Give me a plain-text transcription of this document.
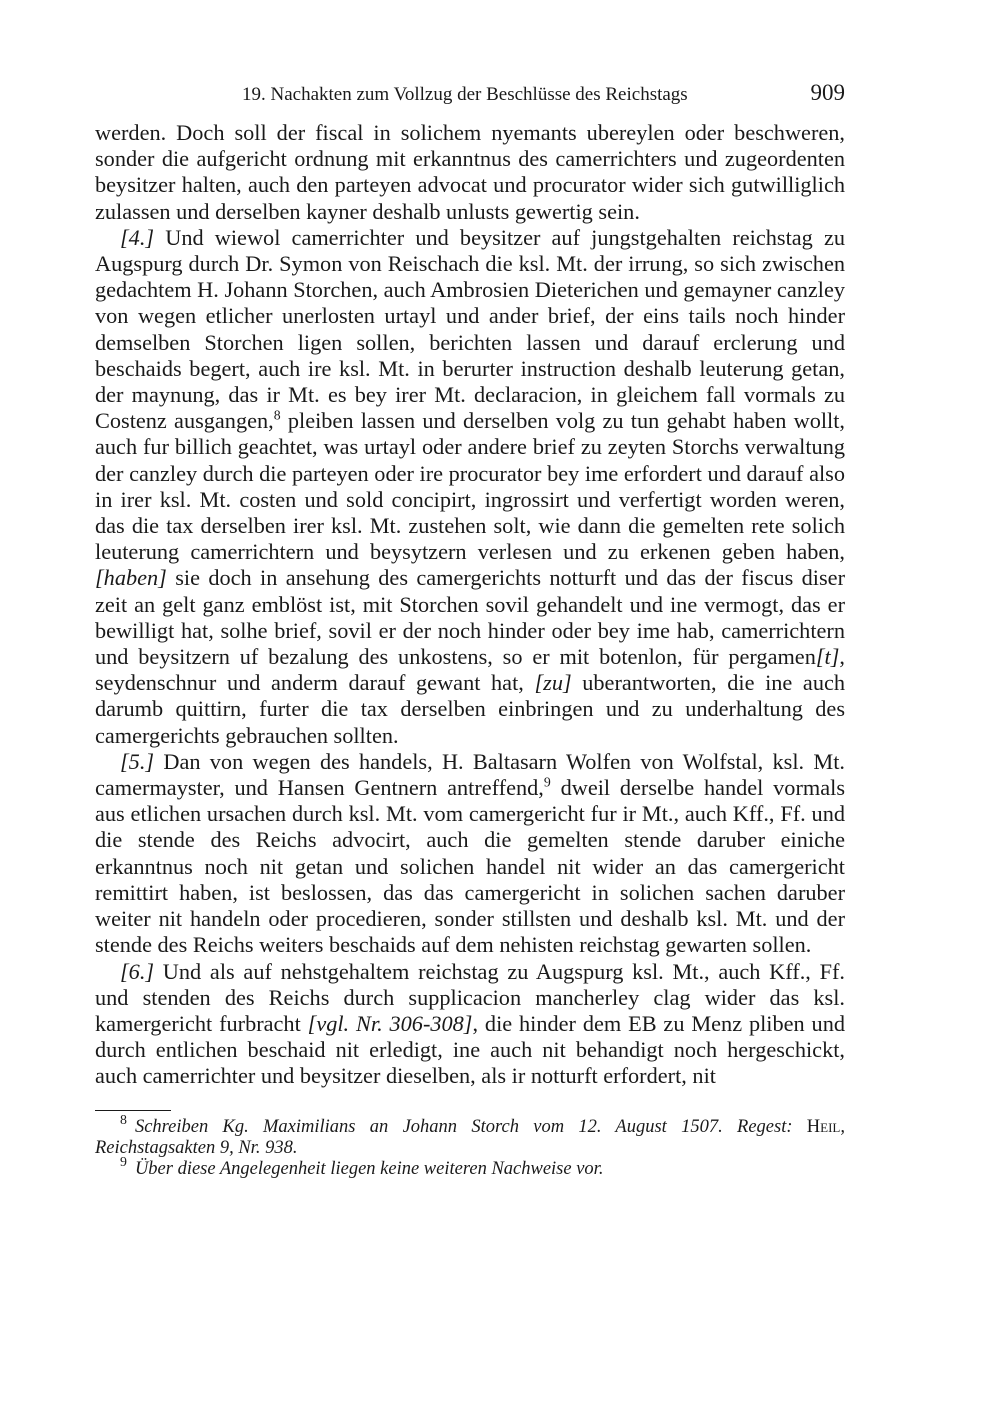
19. Nachakten zum Vollzug der Beschlüsse des Reichstags	909

werden. Doch soll der fiscal in solichem nyemants ubereylen oder beschweren, sonder die aufgericht ordnung mit erkanntnus des camerrichters und zugeordenten beysitzer halten, auch den parteyen advocat und procurator wider sich gutwilliglich zulassen und derselben kayner deshalb unlusts gewertig sein.

[4.] Und wiewol camerrichter und beysitzer auf jungstgehalten reichstag zu Augspurg durch Dr. Symon von Reischach die ksl. Mt. der irrung, so sich zwischen gedachtem H. Johann Storchen, auch Ambrosien Dieterichen und gemayner canzley von wegen etlicher unerlosten urtayl und ander brief, der eins tails noch hinder demselben Storchen ligen sollen, berichten lassen und darauf erclerung und beschaids begert, auch ire ksl. Mt. in berurter instruction deshalb leuterung getan, der maynung, das ir Mt. es bey irer Mt. declaracion, in gleichem fall vormals zu Costenz ausgangen,$^8$ pleiben lassen und derselben volg zu tun gehabt haben wollt, auch fur billich geachtet, was urtayl oder andere brief zu zeyten Storchs verwaltung der canzley durch die parteyen oder ire procurator bey ime erfordert und darauf also in irer ksl. Mt. costen und sold concipirt, ingrossirt und verfertigt worden weren, das die tax derselben irer ksl. Mt. zustehen solt, wie dann die gemelten rete solich leuterung camerrichtern und beysytzern verlesen und zu erkenen geben haben, [haben] sie doch in ansehung des camergerichts notturft und das der fiscus diser zeit an gelt ganz emblöst ist, mit Storchen sovil gehandelt und ine vermogt, das er bewilligt hat, solhe brief, sovil er der noch hinder oder bey ime hab, camerrichtern und beysitzern uf bezalung des unkostens, so er mit botenlon, für pergamen[t], seydenschnur und anderm darauf gewant hat, [zu] uberantworten, die ine auch darumb quittirn, furter die tax derselben einbringen und zu underhaltung des camergerichts gebrauchen sollten.

[5.] Dan von wegen des handels, H. Baltasarn Wolfen von Wolfstal, ksl. Mt. camermayster, und Hansen Gentnern antreffend,$^9$ dweil derselbe handel vormals aus etlichen ursachen durch ksl. Mt. vom camergericht fur ir Mt., auch Kff., Ff. und die stende des Reichs advocirt, auch die gemelten stende daruber einiche erkanntnus noch nit getan und solichen handel nit wider an das camergericht remittirt haben, ist beslossen, das das camergericht in solichen sachen daruber weiter nit handeln oder procedieren, sonder stillsten und deshalb ksl. Mt. und der stende des Reichs weiters beschaids auf dem nehisten reichstag gewarten sollen.

[6.] Und als auf nehstgehaltem reichstag zu Augspurg ksl. Mt., auch Kff., Ff. und stenden des Reichs durch supplicacion mancherley clag wider das ksl. kamergericht furbracht [vgl. Nr. 306-308], die hinder dem EB zu Menz pliben und durch entlichen beschaid nit erledigt, ine auch nit behandigt noch hergeschickt, auch camerrichter und beysitzer dieselben, als ir notturft erfordert, nit

$^8$ Schreiben Kg. Maximilians an Johann Storch vom 12. August 1507. Regest: Heil, Reichstagsakten 9, Nr. 938.

$^9$ Über diese Angelegenheit liegen keine weiteren Nachweise vor.
